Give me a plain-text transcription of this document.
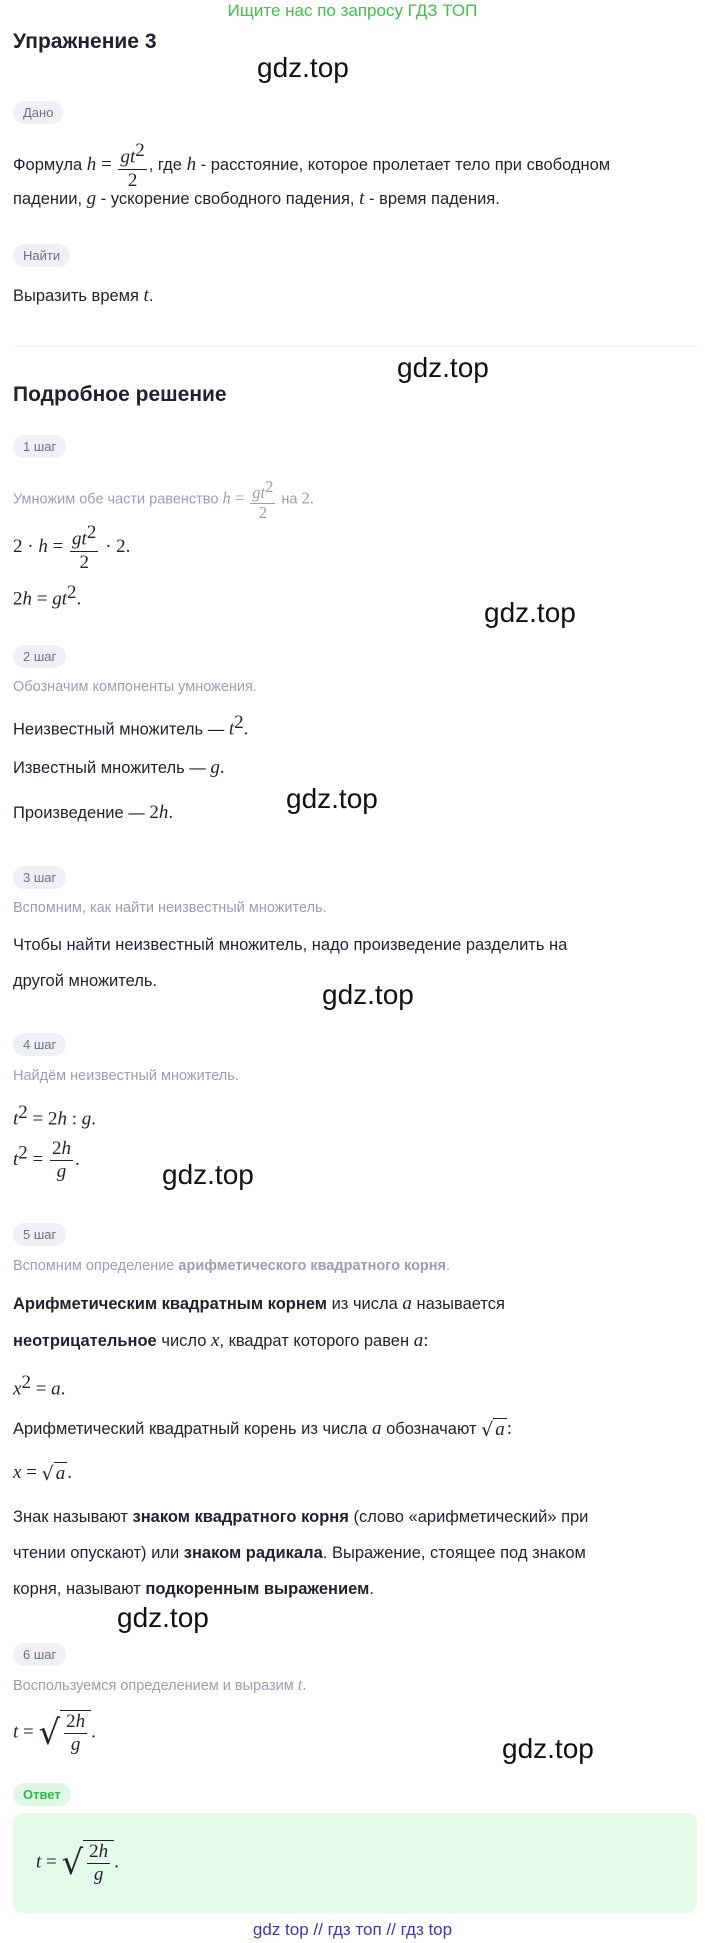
Ищите нас по запросу ГДЗ ТОП
Упражнение 3
gdz.top
Дано
Формула $h = \frac{gt^2}{2}$ , где h - расстояние, которое пролетает тело при свободном
падении, g - ускорение свободного падения, t - время падения.
Найти
Выразить время t.
gdz.top
Подробное решение
1 шаг
Умножим обе части равенство $h = \frac{gt^2}{2}$ на 2.
$2 \cdot h = \frac{gt^2}{2} \cdot 2$.
$2h = gt^2$.	gdz.top
2 шаг
Обозначим компоненты умножения.
Неизвестный множитель — $t^2$.
Известный множитель — g.
gdz.top
Произведение — 2h.
3 шаг
Вспомним, как найти неизвестный множитель.
Чтобы найти неизвестный множитель, надо произведение разделить на
другой множитель.	gdz.top
4 шаг
Найдём неизвестный множитель.
$t^2 = 2h$ : g.
$t^2 = \frac{2h}{g}$ .	gdz.top
5 шаг
Вспомним определение арифметического квадратного корня.
Арифметическим квадратным корнем из числа a называется
неотрицательное число x, квадрат которого равен a:
$x^2 = a$.
Арифметический квадратный корень из числа a обозначают √ a :
x = √ a .
Знак называют знаком квадратного корня (слово «арифметический» при
чтении опускают) или знаком радикала. Выражение, стоящее под знаком
корня, называют подкоренным выражением.
gdz.top
6 шаг
Воспользуемся определением и выразим t.
t = √ $\frac{2h}{g}$ .
gdz.top
Ответ
t = √ $\frac{2h}{g}$ .
gdz top // гдз топ // гдз top
